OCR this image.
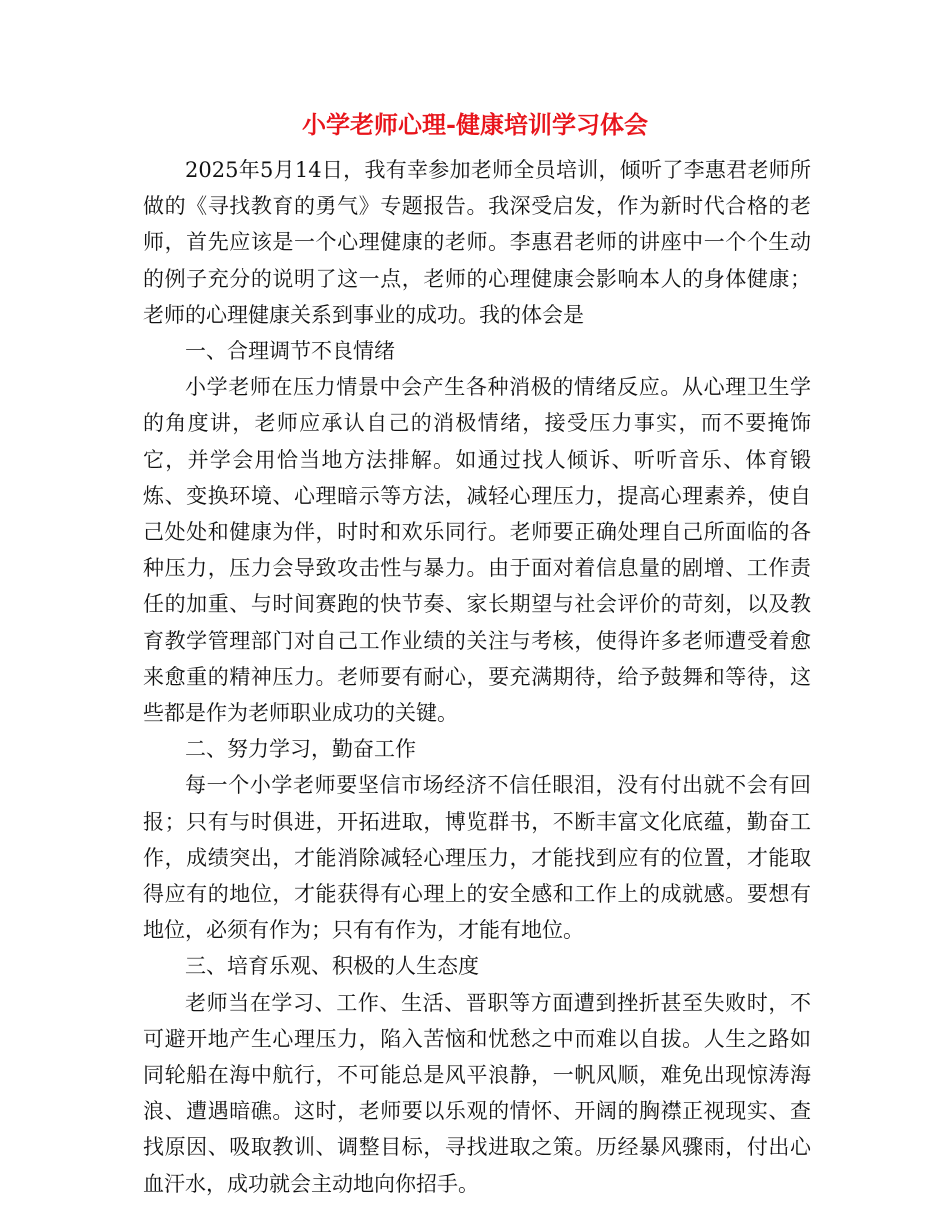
小学老师心理-健康培训学习体会

2025年5月14日，我有幸参加老师全员培训，倾听了李惠君老师所做的《寻找教育的勇气》专题报告。我深受启发，作为新时代合格的老师，首先应该是一个心理健康的老师。李惠君老师的讲座中一个个生动的例子充分的说明了这一点，老师的心理健康会影响本人的身体健康；老师的心理健康关系到事业的成功。我的体会是

一、合理调节不良情绪

小学老师在压力情景中会产生各种消极的情绪反应。从心理卫生学的角度讲，老师应承认自己的消极情绪，接受压力事实，而不要掩饰它，并学会用恰当地方法排解。如通过找人倾诉、听听音乐、体育锻炼、变换环境、心理暗示等方法，减轻心理压力，提高心理素养，使自己处处和健康为伴，时时和欢乐同行。老师要正确处理自己所面临的各种压力，压力会导致攻击性与暴力。由于面对着信息量的剧增、工作责任的加重、与时间赛跑的快节奏、家长期望与社会评价的苛刻，以及教育教学管理部门对自己工作业绩的关注与考核，使得许多老师遭受着愈来愈重的精神压力。老师要有耐心，要充满期待，给予鼓舞和等待，这些都是作为老师职业成功的关键。

二、努力学习，勤奋工作

每一个小学老师要坚信市场经济不信任眼泪，没有付出就不会有回报；只有与时俱进，开拓进取，博览群书，不断丰富文化底蕴，勤奋工作，成绩突出，才能消除减轻心理压力，才能找到应有的位置，才能取得应有的地位，才能获得有心理上的安全感和工作上的成就感。要想有地位，必须有作为；只有有作为，才能有地位。

三、培育乐观、积极的人生态度

老师当在学习、工作、生活、晋职等方面遭到挫折甚至失败时，不可避开地产生心理压力，陷入苦恼和忧愁之中而难以自拔。人生之路如同轮船在海中航行，不可能总是风平浪静，一帆风顺，难免出现惊涛海浪、遭遇暗礁。这时，老师要以乐观的情怀、开阔的胸襟正视现实、查找原因、吸取教训、调整目标，寻找进取之策。历经暴风骤雨，付出心血汗水，成功就会主动地向你招手。
